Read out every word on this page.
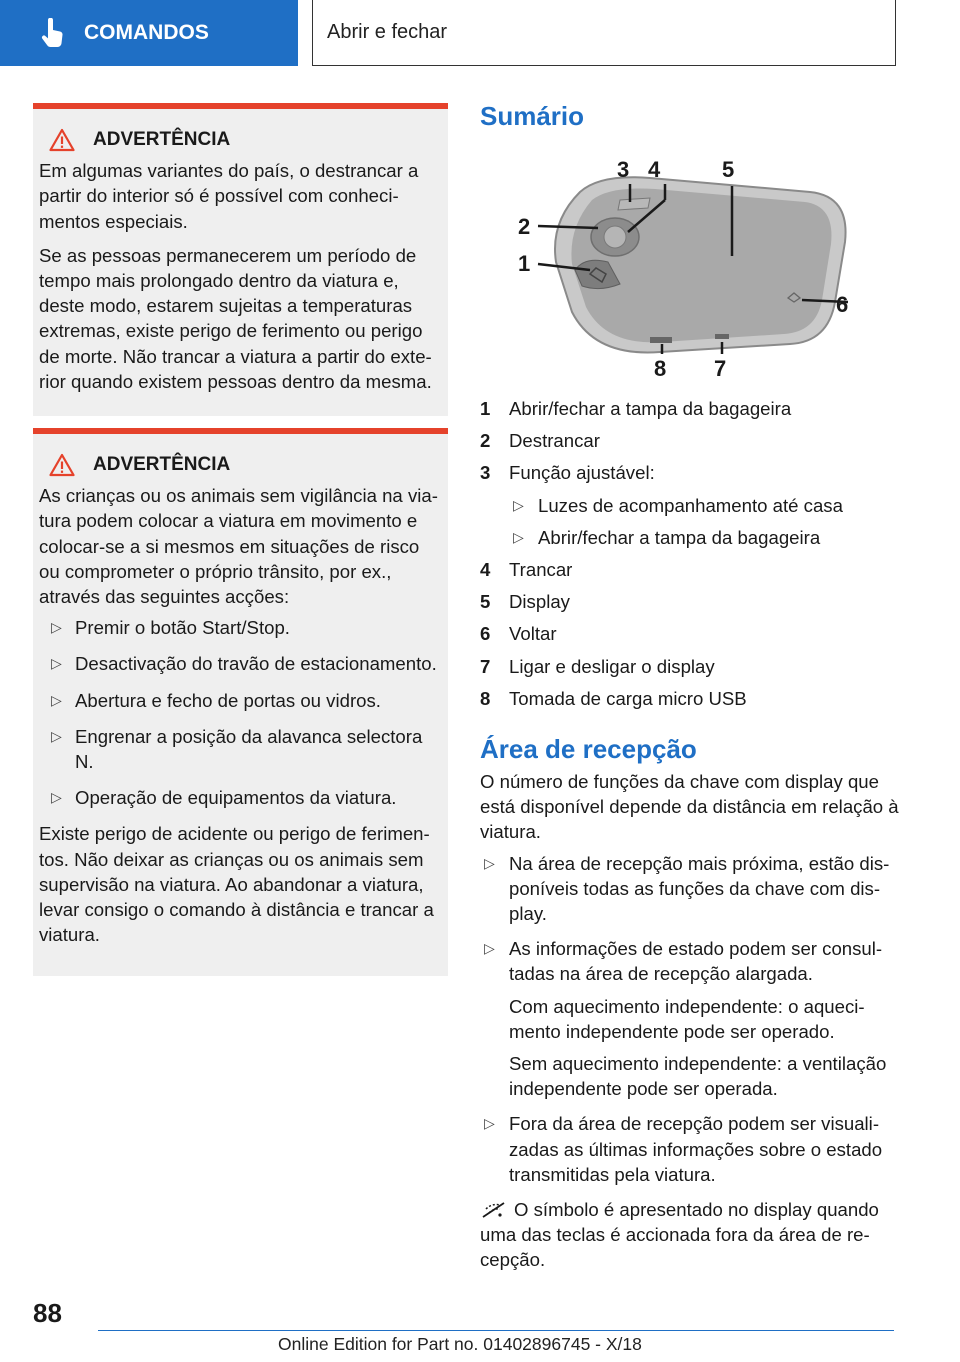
COMANDOS	Abrir e fechar
ADVERTÊNCIA

Em algumas variantes do país, o destrancar a partir do interior só é possível com conhecimentos especiais.

Se as pessoas permanecerem um período de tempo mais prolongado dentro da viatura e, deste modo, estarem sujeitas a temperaturas extremas, existe perigo de ferimento ou perigo de morte. Não trancar a viatura a partir do exterior quando existem pessoas dentro da mesma.

ADVERTÊNCIA

As crianças ou os animais sem vigilância na viatura podem colocar a viatura em movimento e colocar-se a si mesmos em situações de risco ou comprometer o próprio trânsito, por ex., através das seguintes acções:

▷ Premir o botão Start/Stop.
▷ Desactivação do travão de estacionamento.
▷ Abertura e fecho de portas ou vidros.
▷ Engrenar a posição da alavanca selectora N.
▷ Operação de equipamentos da viatura.

Existe perigo de acidente ou perigo de ferimentos. Não deixar as crianças ou os animais sem supervisão na viatura. Ao abandonar a viatura, levar consigo o comando à distância e trancar a viatura.

Sumário
3 4	5
2
1
6
7
8
1 Abrir/fechar a tampa da bagageira
2 Destrancar
3 Função ajustável:
▷ Luzes de acompanhamento até casa
▷ Abrir/fechar a tampa da bagageira
4 Trancar
5 Display
6 Voltar
7 Ligar e desligar o display
8 Tomada de carga micro USB
Área de recepção

O número de funções da chave com display que está disponível depende da distância em relação à viatura.

▷ Na área de recepção mais próxima, estão disponíveis todas as funções da chave com display.
▷ As informações de estado podem ser consultadas na área de recepção alargada.

Com aquecimento independente: o aquecimento independente pode ser operado.

Sem aquecimento independente: a ventilação independente pode ser operada.

▷ Fora da área de recepção podem ser visualizadas as últimas informações sobre o estado transmitidas pela viatura.

O símbolo é apresentado no display quando uma das teclas é accionada fora da área de recepção.

88
Online Edition for Part no. 01402896745 - X/18
